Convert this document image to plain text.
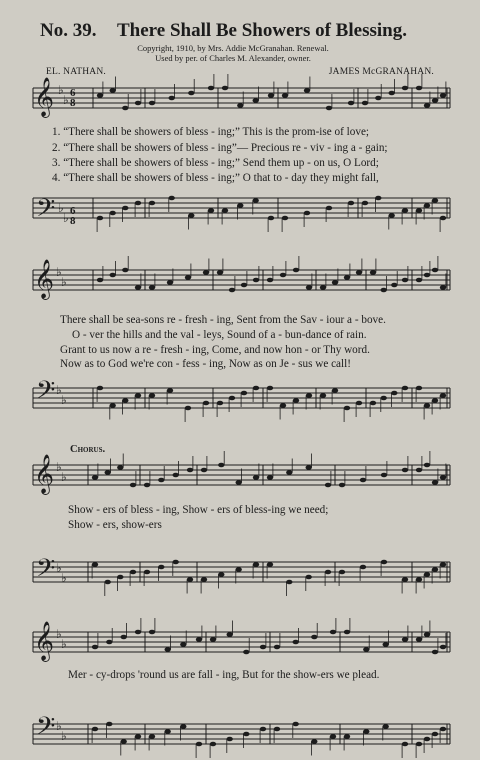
No. 39. There Shall Be Showers of Blessing.
Copyright, 1910, by Mrs. Addie McGranahan. Renewal.
Used by per. of Charles M. Alexander, owner.
EL. NATHAN.	JAMES McGRANAHAN.
𝄞
𝄢
𝄞
𝄢
𝄞
𝄢
𝄞
𝄢
♭
♭ 6
8
♭
♭ 6
8
♭
♭
♭
♭
♭
♭
♭
♭
♭
♭
♭
♭
1. “There shall be showers of bless - ing;” This is the prom-ise of love;
2. “There shall be showers of bless - ing”— Precious re - viv - ing a - gain;
3. “There shall be showers of bless - ing;” Send them up - on us, O Lord;
4. “There shall be showers of bless - ing;” O that to - day they might fall,
There shall be sea-sons re - fresh - ing, Sent from the Sav - iour a - bove.
O - ver the hills and the val - leys, Sound of a - bun-dance of rain.
Grant to us now a re - fresh - ing, Come, and now hon - or Thy word.
Now as to God we're con - fess - ing, Now as on Je - sus we call!
Chorus.
Show - ers of bless - ing, Show - ers of bless-ing we need;
Show - ers, show-ers
Mer - cy-drops 'round us are fall - ing, But for the show-ers we plead.
